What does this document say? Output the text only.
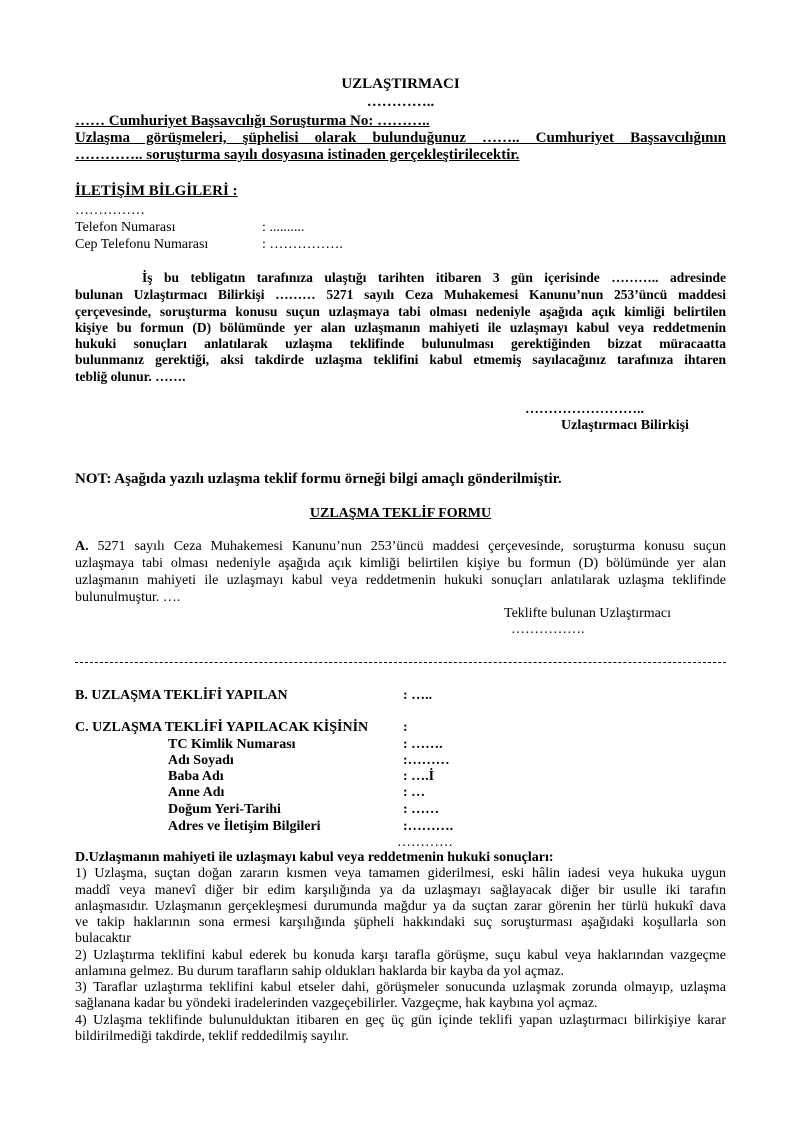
UZLAŞTIRMACI
…………..
…… Cumhuriyet Başsavcılığı Soruşturma No: ………..
Uzlaşma görüşmeleri, şüphelisi olarak bulunduğunuz …….. Cumhuriyet Başsavcılığının
………….. soruşturma sayılı dosyasına istinaden gerçekleştirilecektir.
İLETİŞİM BİLGİLERİ :
……………
Telefon Numarası	: ..........
Cep Telefonu Numarası	: …………….
İş bu tebligatın tarafınıza ulaştığı tarihten itibaren 3 gün içerisinde ……….. adresinde
bulunan Uzlaştırmacı Bilirkişi ……… 5271 sayılı Ceza Muhakemesi Kanunu’nun 253’üncü maddesi
çerçevesinde, soruşturma konusu suçun uzlaşmaya tabi olması nedeniyle aşağıda açık kimliği belirtilen
kişiye bu formun (D) bölümünde yer alan uzlaşmanın mahiyeti ile uzlaşmayı kabul veya reddetmenin
hukuki sonuçları anlatılarak uzlaşma teklifinde bulunulması gerektiğinden bizzat müracaatta
bulunmanız gerektiği, aksi takdirde uzlaşma teklifini kabul etmemiş sayılacağınız tarafınıza ihtaren
tebliğ olunur. …….
……………………..
Uzlaştırmacı Bilirkişi
NOT: Aşağıda yazılı uzlaşma teklif formu örneği bilgi amaçlı gönderilmiştir.
UZLAŞMA TEKLİF FORMU
A. 5271 sayılı Ceza Muhakemesi Kanunu’nun 253’üncü maddesi çerçevesinde, soruşturma konusu suçun
uzlaşmaya tabi olması nedeniyle aşağıda açık kimliği belirtilen kişiye bu formun (D) bölümünde yer alan
uzlaşmanın mahiyeti ile uzlaşmayı kabul veya reddetmenin hukuki sonuçları anlatılarak uzlaşma teklifinde
bulunulmuştur. ….
Teklifte bulunan Uzlaştırmacı
…………….
B. UZLAŞMA TEKLİFİ YAPILAN	: …..
C. UZLAŞMA TEKLİFİ YAPILACAK KİŞİNİN :
TC Kimlik Numarası	: …….
Adı Soyadı	:………
Baba Adı	: ….İ
Anne Adı	: …
Doğum Yeri-Tarihi	: ……
Adres ve İletişim Bilgileri	:……….
…………
D.Uzlaşmanın mahiyeti ile uzlaşmayı kabul veya reddetmenin hukuki sonuçları:
1) Uzlaşma, suçtan doğan zararın kısmen veya tamamen giderilmesi, eski hâlin iadesi veya hukuka uygun
maddî veya manevî diğer bir edim karşılığında ya da uzlaşmayı sağlayacak diğer bir usulle iki tarafın
anlaşmasıdır. Uzlaşmanın gerçekleşmesi durumunda mağdur ya da suçtan zarar görenin her türlü hukukî dava
ve takip haklarının sona ermesi karşılığında şüpheli hakkındaki suç soruşturması aşağıdaki koşullarla son
bulacaktır
2) Uzlaştırma teklifini kabul ederek bu konuda karşı tarafla görüşme, suçu kabul veya haklarından vazgeçme
anlamına gelmez. Bu durum tarafların sahip oldukları haklarda bir kayba da yol açmaz.
3) Taraflar uzlaştırma teklifini kabul etseler dahi, görüşmeler sonucunda uzlaşmak zorunda olmayıp, uzlaşma
sağlanana kadar bu yöndeki iradelerinden vazgeçebilirler. Vazgeçme, hak kaybına yol açmaz.
4) Uzlaşma teklifinde bulunulduktan itibaren en geç üç gün içinde teklifi yapan uzlaştırmacı bilirkişiye karar
bildirilmediği takdirde, teklif reddedilmiş sayılır.
